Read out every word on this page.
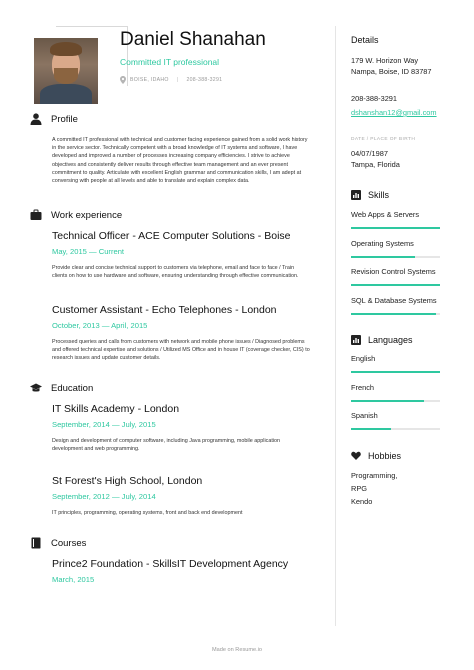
Daniel Shanahan
Committed IT professional
BOISE, IDAHO	|	208-388-3291
Profile
A committed IT professional with technical and customer facing experience gained from a solid work history in the service sector. Technically competent with a broad knowledge of IT systems and software, I have developed and improved a number of processes increasing company efficiencies. I strive to achieve objectives and consistently deliver results through effective team management and an ever present commitment to quality. Articulate with excellent English grammar and communication skills, I am adept at conversing with people at all levels and able to translate and explain complex data.
Work experience
Technical Officer - ACE Computer Solutions - Boise
May, 2015 — Current
Provide clear and concise technical support to customers via telephone, email and face to face / Train clients on how to use hardware and software, ensuring understanding through effective communication.
Customer Assistant - Echo Telephones - London
October, 2013 — April, 2015
Processed queries and calls from customers with network and mobile phone issues / Diagnosed problems and offered technical expertise and solutions / Utilized MS Office and in house IT (coverage checker, CIS) to research issues and update customer details.
Education
IT Skills Academy - London
September, 2014 — July, 2015
Design and development of computer software, including Java programming, mobile application development and web programming.
St Forest's High School, London
September, 2012 — July, 2014
IT principles, programming, operating systems, front and back end development
Courses
Prince2 Foundation - SkillsIT Development Agency
March, 2015
Details
179 W. Horizon Way
Nampa, Boise, ID 83787
208-388-3291
dshanshan12@gmail.com
DATE / PLACE OF BIRTH
04/07/1987
Tampa, Florida
Skills
Web Apps & Servers
Operating Systems
Revision Control Systems
SQL & Database Systems
Languages
English
French
Spanish
Hobbies
Programming,
RPG
Kendo
Made on Resume.io
